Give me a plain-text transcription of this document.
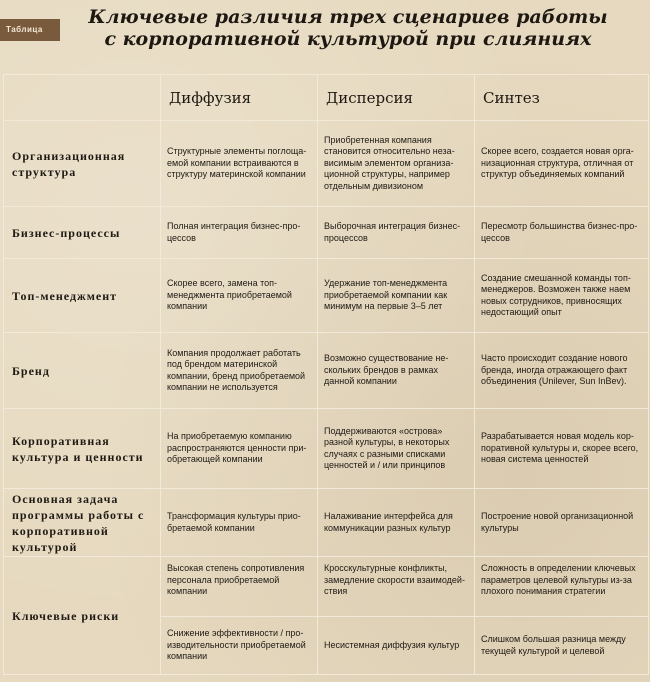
Таблица
Ключевые различия трех сценариев работы
с корпоративной культурой при слияниях
	Диффузия	Дисперсия	Синтез
Организационная структура	Структурные элементы поглощаемой компании встраиваются в структуру материнской компании	Приобретенная компания становится относительно независимым элементом организационной структуры, например отдельным дивизионом	Скорее всего, создается новая организационная структура, отличная от структур объединяемых компаний
Бизнес-процессы	Полная интеграция бизнес-процессов	Выборочная интеграция бизнес-процессов	Пересмотр большинства бизнес-процессов
Топ-менеджмент	Скорее всего, замена топ-менеджмента приобретаемой компании	Удержание топ-менеджмента приобретаемой компании как минимум на первые 3–5 лет	Создание смешанной команды топ-менеджеров. Возможен также наем новых сотрудников, привносящих недостающий опыт
Бренд	Компания продолжает работать под брендом материнской компании, бренд приобретаемой компании не используется	Возможно существование нескольких брендов в рамках данной компании	Часто происходит создание нового бренда, иногда отражающего факт объединения (Unilever, Sun InBev).
Корпоративная культура и ценности	На приобретаемую компанию распространяются ценности приобретающей компании	Поддерживаются «острова» разной культуры, в некоторых случаях с разными списками ценностей и / или принципов	Разрабатывается новая модель корпоративной культуры и, скорее всего, новая система ценностей
Основная задача программы работы с корпоративной культурой	Трансформация культуры приобретаемой компании	Налаживание интерфейса для коммуникации разных культур	Построение новой организационной культуры
Ключевые риски	Высокая степень сопротивления персонала приобретаемой компании	Кросскультурные конфликты, замедление скорости взаимодействия	Сложность в определении ключевых параметров целевой культуры из-за плохого понимания стратегии
	Снижение эффективности / производительности приобретаемой компании	Несистемная диффузия культур	Слишком большая разница между текущей культурой и целевой
